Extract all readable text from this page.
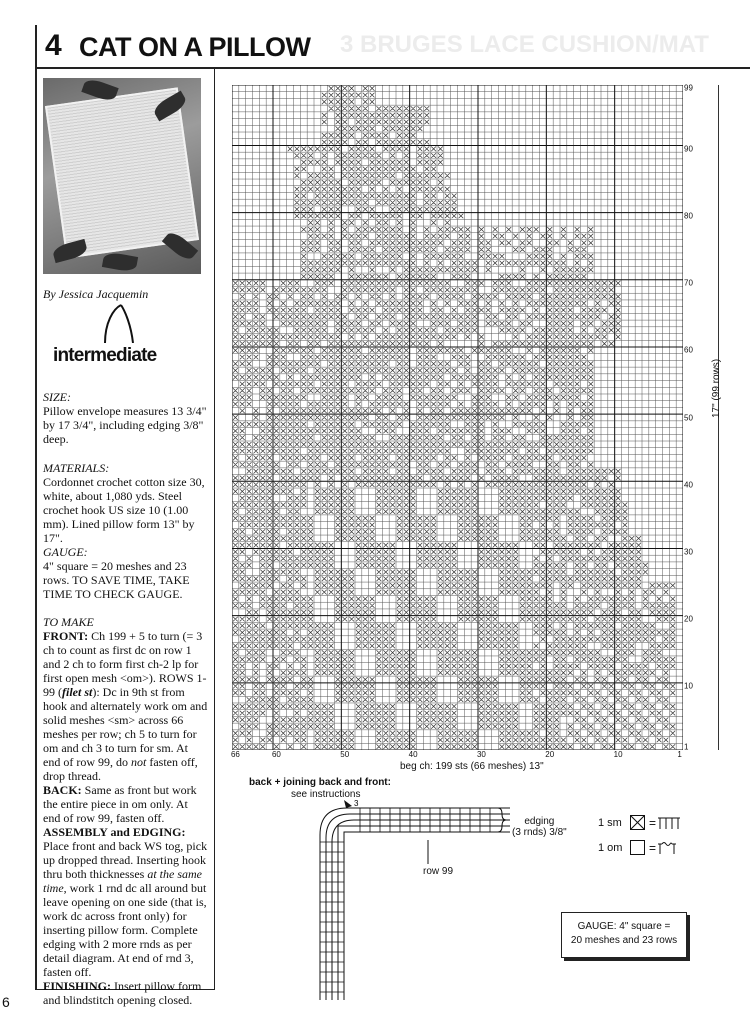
4 CAT ON A PILLOW 3 BRUGES LACE CUSHION/MAT
By Jessica Jacquemin
intermediate
SIZE:
Pillow envelope measures 13 3/4" by 17 3/4", including edging 3/8" deep.
MATERIALS:
Cordonnet crochet cotton size 30, white, about 1,080 yds. Steel crochet hook US size 10 (1.00 mm). Lined pillow form 13" by 17".
GAUGE:
4" square = 20 meshes and 23 rows. TO SAVE TIME, TAKE TIME TO CHECK GAUGE.
TO MAKE
FRONT: Ch 199 + 5 to turn (= 3 ch to count as first dc on row 1 and 2 ch to form first ch-2 lp for first open mesh <om>). ROWS 1-99 (filet st): Dc in 9th st from hook and alternately work om and solid meshes <sm> across 66 meshes per row; ch 5 to turn for om and ch 3 to turn for sm. At end of row 99, do not fasten off, drop thread.
BACK: Same as front but work the entire piece in om only. At end of row 99, fasten off.
ASSEMBLY and EDGING: Place front and back WS tog, pick up dropped thread. Inserting hook thru both thicknesses at the same time, work 1 rnd dc all around but leave opening on one side (that is, work dc across front only) for inserting pillow form. Complete edging with 2 more rnds as per detail diagram. At end of rnd 3, fasten off.
FINISHING: Insert pillow form and blindstitch opening closed.
6
1
10
20
30
40
50
60
70
80
90
99
66	60	50	40	30	20	10	1
17" (99 rows)
beg ch: 199 sts (66 meshes) 13"
back + joining back and front:
see instructions
3
edging
(3 rnds) 3/8"
row 99
1 sm =
1 om =
GAUGE: 4" square =
20 meshes and 23 rows
